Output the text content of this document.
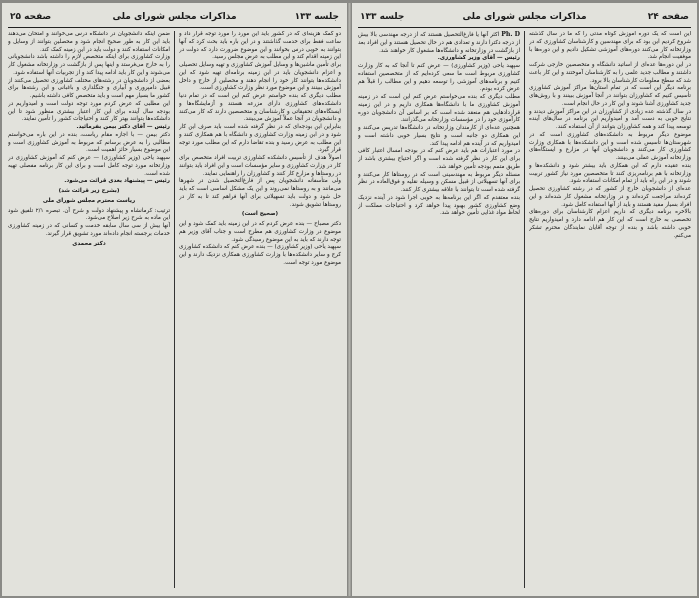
صفحه ۲۵	مذاکرات مجلس شورای ملی	جلسه ۱۳۳

دو کمک ‌هزینه‌ای که در کشور باید این مورد را مورد توجه قرار داد و ساعت فقط برای خدمت گذاشتند و در این باره باید بحث کرد که آنها بتوانند به خوبی درس بخوانند و این موضوع ضرورت دارد که دولت در این زمینه اقدام کند و این مطلب به عرض مجلس رسید.

برای تأمین ماشین‌ها و وسایل آموزش کشاورزی و تهیه وسایل تحصیلی و اعزام دانشجویان باید در این زمینه برنامه‌ای تهیه شود که این دانشکده‌ها بتوانند کار خود را انجام دهند و محصلین از خارج و داخل آموزش ببینند و این موضوع مورد نظر وزارت کشاورزی است.

مطلب دیگری که بنده خواستم عرض کنم این است که در تمام دنیا دانشکده‌های کشاورزی دارای مزرعه هستند و آزمایشگاه‌ها و ایستگاه‌های تحقیقاتی و کارشناسان و متخصصین دارند که کار می‌کنند و دانشجویان در آنجا عملاً آموزش می‌بینند.

بنابراین این بودجه‌ای که در نظر گرفته شده است باید صرف این کار شود و در این زمینه وزارت کشاورزی و دانشگاه با هم همکاری کنند و این مطلب به عرض رسید و بنده تقاضا دارم که این مطلب مورد توجه قرار گیرد.

اصولاً هدف از تأسیس دانشکده کشاورزی تربیت افراد متخصص برای کار در وزارت کشاورزی و سایر مؤسسات است و این افراد باید بتوانند در روستاها و مزارع کار کنند و کشاورزان را راهنمایی نمایند.

ولی متأسفانه دانشجویان پس از فارغ‌التحصیل شدن در شهرها می‌مانند و به روستاها نمی‌روند و این یک مشکل اساسی است که باید حل شود و دولت باید تسهیلاتی برای آنها فراهم کند تا به کار در روستاها تشویق شوند.

(صحیح است)

دکتر مصباح — بنده عرض کردم که در این زمینه باید کمک شود و این موضوع در وزارت کشاورزی هم مطرح است و جناب آقای وزیر هم توجه دارند که باید به این موضوع رسیدگی شود.

سپهبد یاحی (وزیر کشاورزی) — بنده عرض کنم که دانشکده کشاورزی کرج و سایر دانشکده‌ها با وزارت کشاورزی همکاری نزدیک دارند و این موضوع مورد توجه است.

ضمن اینکه دانشجویان در دانشگاه درس می‌خوانند و امتحان می‌دهند باید این کار به طور صحیح انجام شود و محصلین بتوانند از وسایل و امکانات استفاده کنند و دولت باید در این زمینه کمک کند.

وزارت کشاورزی برای اینکه متخصص لازم را داشته باشد دانشجویانی را به خارج می‌فرستد و اینها پس از بازگشت در وزارتخانه مشغول کار می‌شوند و این کار باید ادامه پیدا کند و از تجربیات آنها استفاده شود.

بعضی از دانشجویان در رشته‌های مختلف کشاورزی تحصیل می‌کنند از قبیل دامپروری و آبیاری و جنگلداری و باغبانی و این رشته‌ها برای کشور ما بسیار مهم است و باید متخصص کافی داشته باشیم.

این مطلبی که عرض کردم مورد توجه دولت است و امیدواریم در بودجه سال آینده برای این کار اعتبار بیشتری منظور شود تا این دانشکده‌ها بتوانند بهتر کار کنند و احتیاجات کشور را تأمین نمایند.

رئیس — آقای دکتر بیمن بفرمائید.

دکتر بیمن — با اجازه مقام ریاست، بنده در این باره می‌خواستم مطالبی را به عرض برسانم که مربوط به آموزش کشاورزی است و این موضوع بسیار حائز اهمیت است.

سپهبد یاحی (وزیر کشاورزی) — عرض کنم که آموزش کشاورزی در وزارتخانه مورد توجه کامل است و برای این کار برنامه مفصلی تهیه شده است.

رئیس — پیشنهاد بعدی قرائت می‌شود.

(بشرح زیر قرائت شد)

ریاست محترم مجلس شورای ملی

ترتیب: کرمانشاه و پیشنهاد دولت و شرح آن. تبصره ۲/۱ تلفیق شود این ماده به شرح زیر اصلاح می‌شود.

آنها بیش از سی سال سابقه خدمت و کسانی که در زمینه کشاورزی خدمات برجسته انجام داده‌اند مورد تشویق قرار گیرند.

دکتر محمدی

جلسه ۱۳۳	مذاکرات مجلس شورای ملی	صفحه ۲۴

این است که یک دوره آموزش کوتاه مدتی را که ما در سال گذشته شروع کردیم این بود که برای مهندسین و کارشناسان کشاورزی که در وزارتخانه کار می‌کنند دوره‌های آموزشی تشکیل دادیم و این دوره‌ها با موفقیت انجام شد.

در این دوره‌ها عده‌ای از اساتید دانشگاه و متخصصین خارجی شرکت داشتند و مطالب جدید علمی را به کارشناسان آموختند و این کار باعث شد که سطح معلومات کارشناسان بالا برود.

برنامه دیگر این است که در تمام استان‌ها مراکز آموزش کشاورزی تأسیس کنیم که کشاورزان بتوانند در آنجا آموزش ببینند و با روش‌های جدید کشاورزی آشنا شوند و این کار در حال انجام است.

در سال گذشته عده زیادی از کشاورزان در این مراکز آموزش دیدند و نتایج خوبی به دست آمد و امیدواریم این برنامه در سال‌های آینده توسعه پیدا کند و همه کشاورزان بتوانند از آن استفاده کنند.

موضوع دیگر مربوط به دانشکده‌های کشاورزی است که در شهرستان‌ها تأسیس شده است و این دانشکده‌ها با همکاری وزارت کشاورزی کار می‌کنند و دانشجویان آنها در مزارع و ایستگاه‌های وزارتخانه آموزش عملی می‌بینند.

بنده عقیده دارم که این همکاری باید بیشتر شود و دانشکده‌ها و وزارتخانه با هم برنامه‌ریزی کنند تا متخصصین مورد نیاز کشور تربیت شوند و در این راه باید از تمام امکانات استفاده شود.

عده‌ای از دانشجویان خارج از کشور که در رشته کشاورزی تحصیل کرده‌اند مراجعت کرده‌اند و در وزارتخانه مشغول کار شده‌اند و این افراد بسیار مفید هستند و باید از آنها استفاده کامل شود.

بالاخره برنامه دیگری که داریم اعزام کارشناسان برای دوره‌های تخصصی به خارج است که این کار هم ادامه دارد و امیدواریم نتایج خوبی داشته باشد و بنده از توجه آقایان نمایندگان محترم تشکر می‌کنم.

Ph. D اکثر آنها یا فارغ‌التحصیل هستند که از درجه مهندسی بالا بیش از درجه دکترا دارند و تعدادی هم در حال تحصیل هستند و این افراد بعد از بازگشت در وزارتخانه و دانشگاه‌ها مشغول کار خواهند شد.

رئیس — آقای وزیر کشاورزی.

سپهبد یاحی (وزیر کشاورزی) — عرض کنم تا آنجا که به کار وزارت کشاورزی مربوط است ما سعی کرده‌ایم که از متخصصین استفاده کنیم و برنامه‌های آموزشی را توسعه دهیم و این مطالب را قبلاً هم عرض کرده بودم.

مطلب دیگری که بنده می‌خواستم عرض کنم این است که در زمینه آموزش کشاورزی ما با دانشگاه‌ها همکاری داریم و در این زمینه قراردادهایی هم منعقد شده است که بر اساس آن دانشجویان دوره کارآموزی خود را در مؤسسات وزارتخانه می‌گذرانند.

همچنین عده‌ای از کارمندان وزارتخانه در دانشگاه‌ها تدریس می‌کنند و این همکاری دو جانبه است و نتایج بسیار خوبی داشته است و امیدواریم که در آینده هم ادامه پیدا کند.

در مورد اعتبارات هم باید عرض کنم که در بودجه امسال اعتبار کافی برای این کار در نظر گرفته شده است و اگر احتیاج بیشتری باشد از طریق متمم بودجه تأمین خواهد شد.

مسئله دیگر مربوط به مهندسینی است که در روستاها کار می‌کنند و برای آنها تسهیلاتی از قبیل مسکن و وسیله نقلیه و فوق‌العاده در نظر گرفته شده است تا بتوانند با علاقه بیشتری کار کنند.

بنده معتقدم که اگر این برنامه‌ها به خوبی اجرا شود در آینده نزدیک وضع کشاورزی کشور بهبود پیدا خواهد کرد و احتیاجات مملکت از لحاظ مواد غذایی تأمین خواهد شد.
